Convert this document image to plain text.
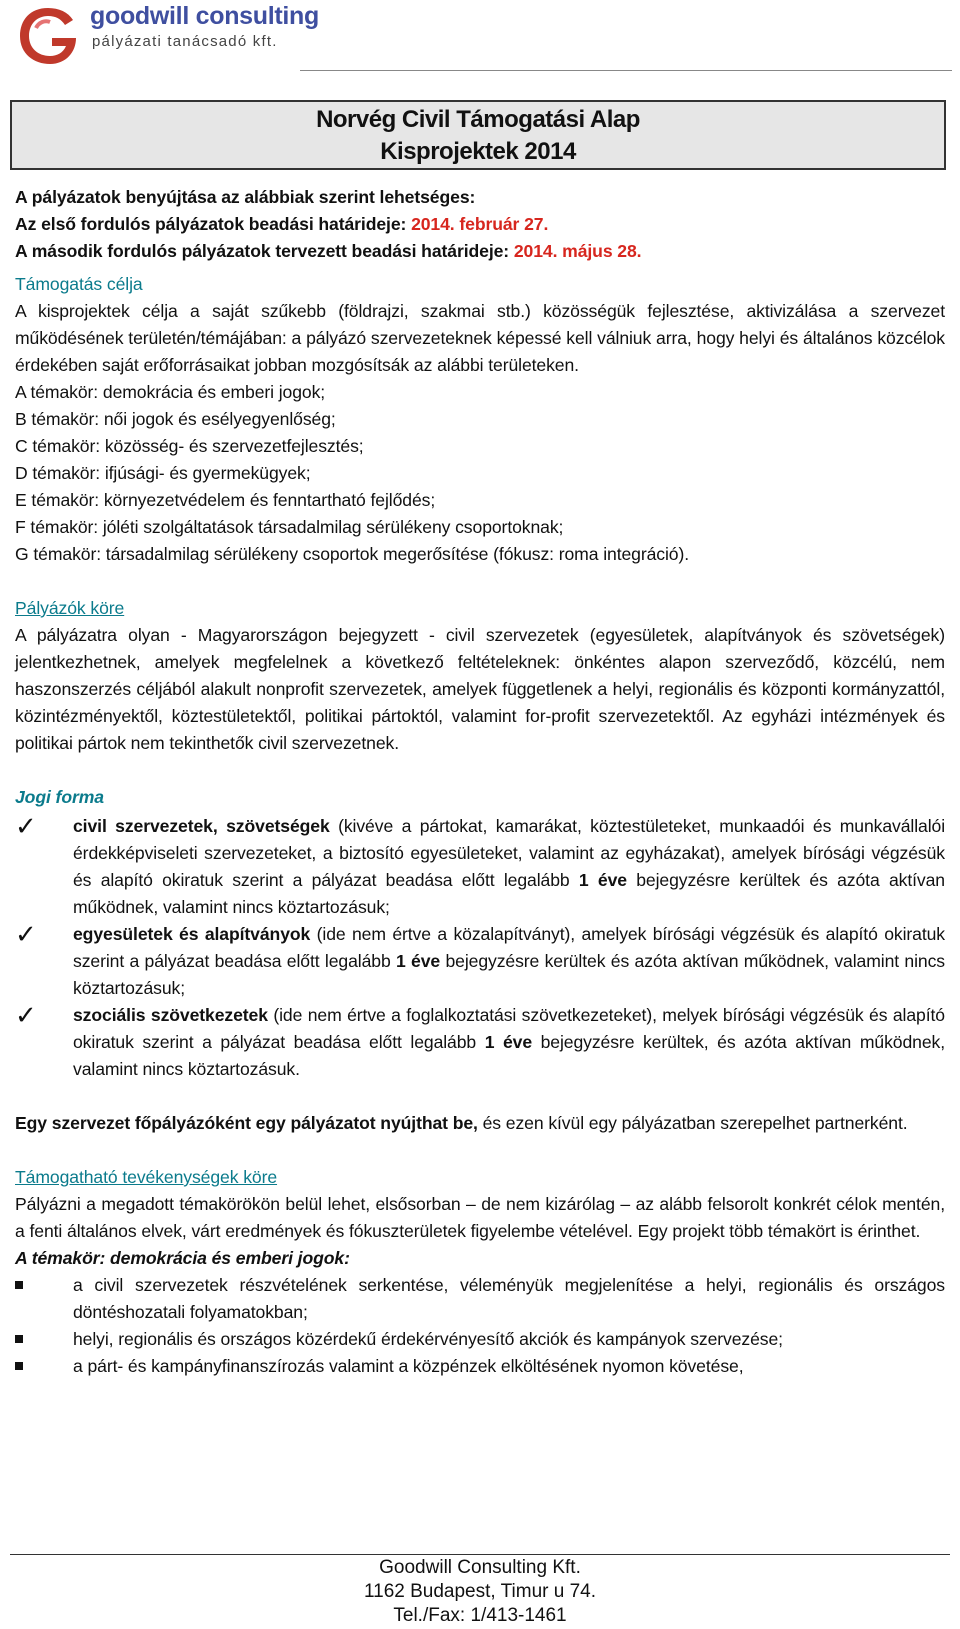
goodwill consulting
pályázati tanácsadó kft.
Norvég Civil Támogatási Alap
Kisprojektek 2014

A pályázatok benyújtása az alábbiak szerint lehetséges:

Az első fordulós pályázatok beadási határideje: 2014. február 27.

A második fordulós pályázatok tervezett beadási határideje: 2014. május 28.

Támogatás célja

A kisprojektek célja a saját szűkebb (földrajzi, szakmai stb.) közösségük fejlesztése, aktivizálása a szervezet működésének területén/témájában: a pályázó szervezeteknek képessé kell válniuk arra, hogy helyi és általános közcélok érdekében saját erőforrásaikat jobban mozgósítsák az alábbi területeken.

A témakör: demokrácia és emberi jogok;

B témakör: női jogok és esélyegyenlőség;

C témakör: közösség- és szervezetfejlesztés;

D témakör: ifjúsági- és gyermekügyek;

E témakör: környezetvédelem és fenntartható fejlődés;

F témakör: jóléti szolgáltatások társadalmilag sérülékeny csoportoknak;

G témakör: társadalmilag sérülékeny csoportok megerősítése (fókusz: roma integráció).

Pályázók köre

A pályázatra olyan - Magyarországon bejegyzett - civil szervezetek (egyesületek, alapítványok és szövetségek) jelentkezhetnek, amelyek megfelelnek a következő feltételeknek: önkéntes alapon szerveződő, közcélú, nem haszonszerzés céljából alakult nonprofit szervezetek, amelyek függetlenek a helyi, regionális és központi kormányzattól, közintézményektől, köztestületektől, politikai pártoktól, valamint for-profit szervezetektől. Az egyházi intézmények és politikai pártok nem tekinthetők civil szervezetnek.

Jogi forma

✓ civil szervezetek, szövetségek (kivéve a pártokat, kamarákat, köztestületeket, munkaadói és munkavállalói érdekképviseleti szervezeteket, a biztosító egyesületeket, valamint az egyházakat), amelyek bírósági végzésük és alapító okiratuk szerint a pályázat beadása előtt legalább 1 éve bejegyzésre kerültek és azóta aktívan működnek, valamint nincs köztartozásuk;
✓ egyesületek és alapítványok (ide nem értve a közalapítványt), amelyek bírósági végzésük és alapító okiratuk szerint a pályázat beadása előtt legalább 1 éve bejegyzésre kerültek és azóta aktívan működnek, valamint nincs köztartozásuk;
✓ szociális szövetkezetek (ide nem értve a foglalkoztatási szövetkezeteket), melyek bírósági végzésük és alapító okiratuk szerint a pályázat beadása előtt legalább 1 éve bejegyzésre kerültek, és azóta aktívan működnek, valamint nincs köztartozásuk.

Egy szervezet főpályázóként egy pályázatot nyújthat be, és ezen kívül egy pályázatban szerepelhet partnerként.

Támogatható tevékenységek köre

Pályázni a megadott témakörökön belül lehet, elsősorban – de nem kizárólag – az alább felsorolt konkrét célok mentén, a fenti általános elvek, várt eredmények és fókuszterületek figyelembe vételével. Egy projekt több témakört is érinthet.

A témakör: demokrácia és emberi jogok:

a civil szervezetek részvételének serkentése, véleményük megjelenítése a helyi, regionális és országos döntéshozatali folyamatokban;
helyi, regionális és országos közérdekű érdekérvényesítő akciók és kampányok szervezése;
a párt- és kampányfinanszírozás valamint a közpénzek elköltésének nyomon követése,
Goodwill Consulting Kft.
1162 Budapest, Timur u 74.
Tel./Fax: 1/413-1461
